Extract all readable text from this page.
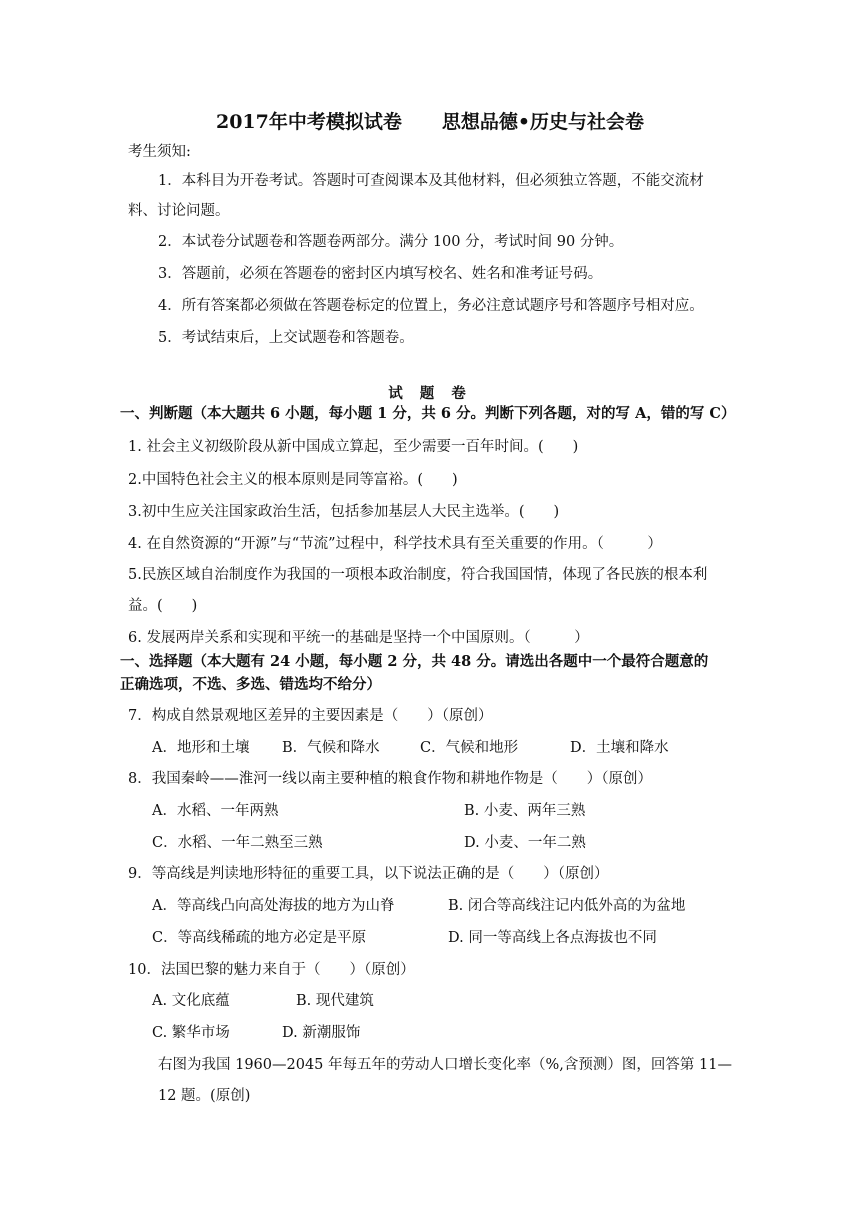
2017年中考模拟试卷 思想品德•历史与社会卷
考生须知:
1．本科目为开卷考试。答题时可查阅课本及其他材料，但必须独立答题，不能交流材
料、讨论问题。
2．本试卷分试题卷和答题卷两部分。满分 100 分，考试时间 90 分钟。
3．答题前，必须在答题卷的密封区内填写校名、姓名和准考证号码。
4．所有答案都必须做在答题卷标定的位置上，务必注意试题序号和答题序号相对应。
5．考试结束后，上交试题卷和答题卷。
试 题 卷
一、判断题（本大题共 6 小题，每小题 1 分，共 6 分。判断下列各题，对的写 A，错的写 C）
1. 社会主义初级阶段从新中国成立算起，至少需要一百年时间。(　　)
2.中国特色社会主义的根本原则是同等富裕。(　　)
3.初中生应关注国家政治生活，包括参加基层人大民主选举。(　　)
4. 在自然资源的“开源”与“节流”过程中，科学技术具有至关重要的作用。（　　　）
5.民族区域自治制度作为我国的一项根本政治制度，符合我国国情，体现了各民族的根本利
益。(　　)
6. 发展两岸关系和实现和平统一的基础是坚持一个中国原则。（　　　）
一、选择题（本大题有 24 小题，每小题 2 分，共 48 分。请选出各题中一个最符合题意的
正确选项，不选、多选、错选均不给分）
7．构成自然景观地区差异的主要因素是（　　）（原创）
A．地形和土壤 B．气候和降水	C．气候和地形	D．土壤和降水
8．我国秦岭——淮河一线以南主要种植的粮食作物和耕地作物是（　　）（原创）
A．水稻、一年两熟	B. 小麦、两年三熟
C．水稻、一年二熟至三熟	D. 小麦、一年二熟
9．等高线是判读地形特征的重要工具，以下说法正确的是（　　）（原创）
A．等高线凸向高处海拔的地方为山脊	B. 闭合等高线注记内低外高的为盆地
C．等高线稀疏的地方必定是平原	D. 同一等高线上各点海拔也不同
10．法国巴黎的魅力来自于（　　）（原创）
A. 文化底蕴	B. 现代建筑
C. 繁华市场	D. 新潮服饰
右图为我国 1960—2045 年每五年的劳动人口增长变化率（%,含预测）图，回答第 11—
12 题。(原创)
